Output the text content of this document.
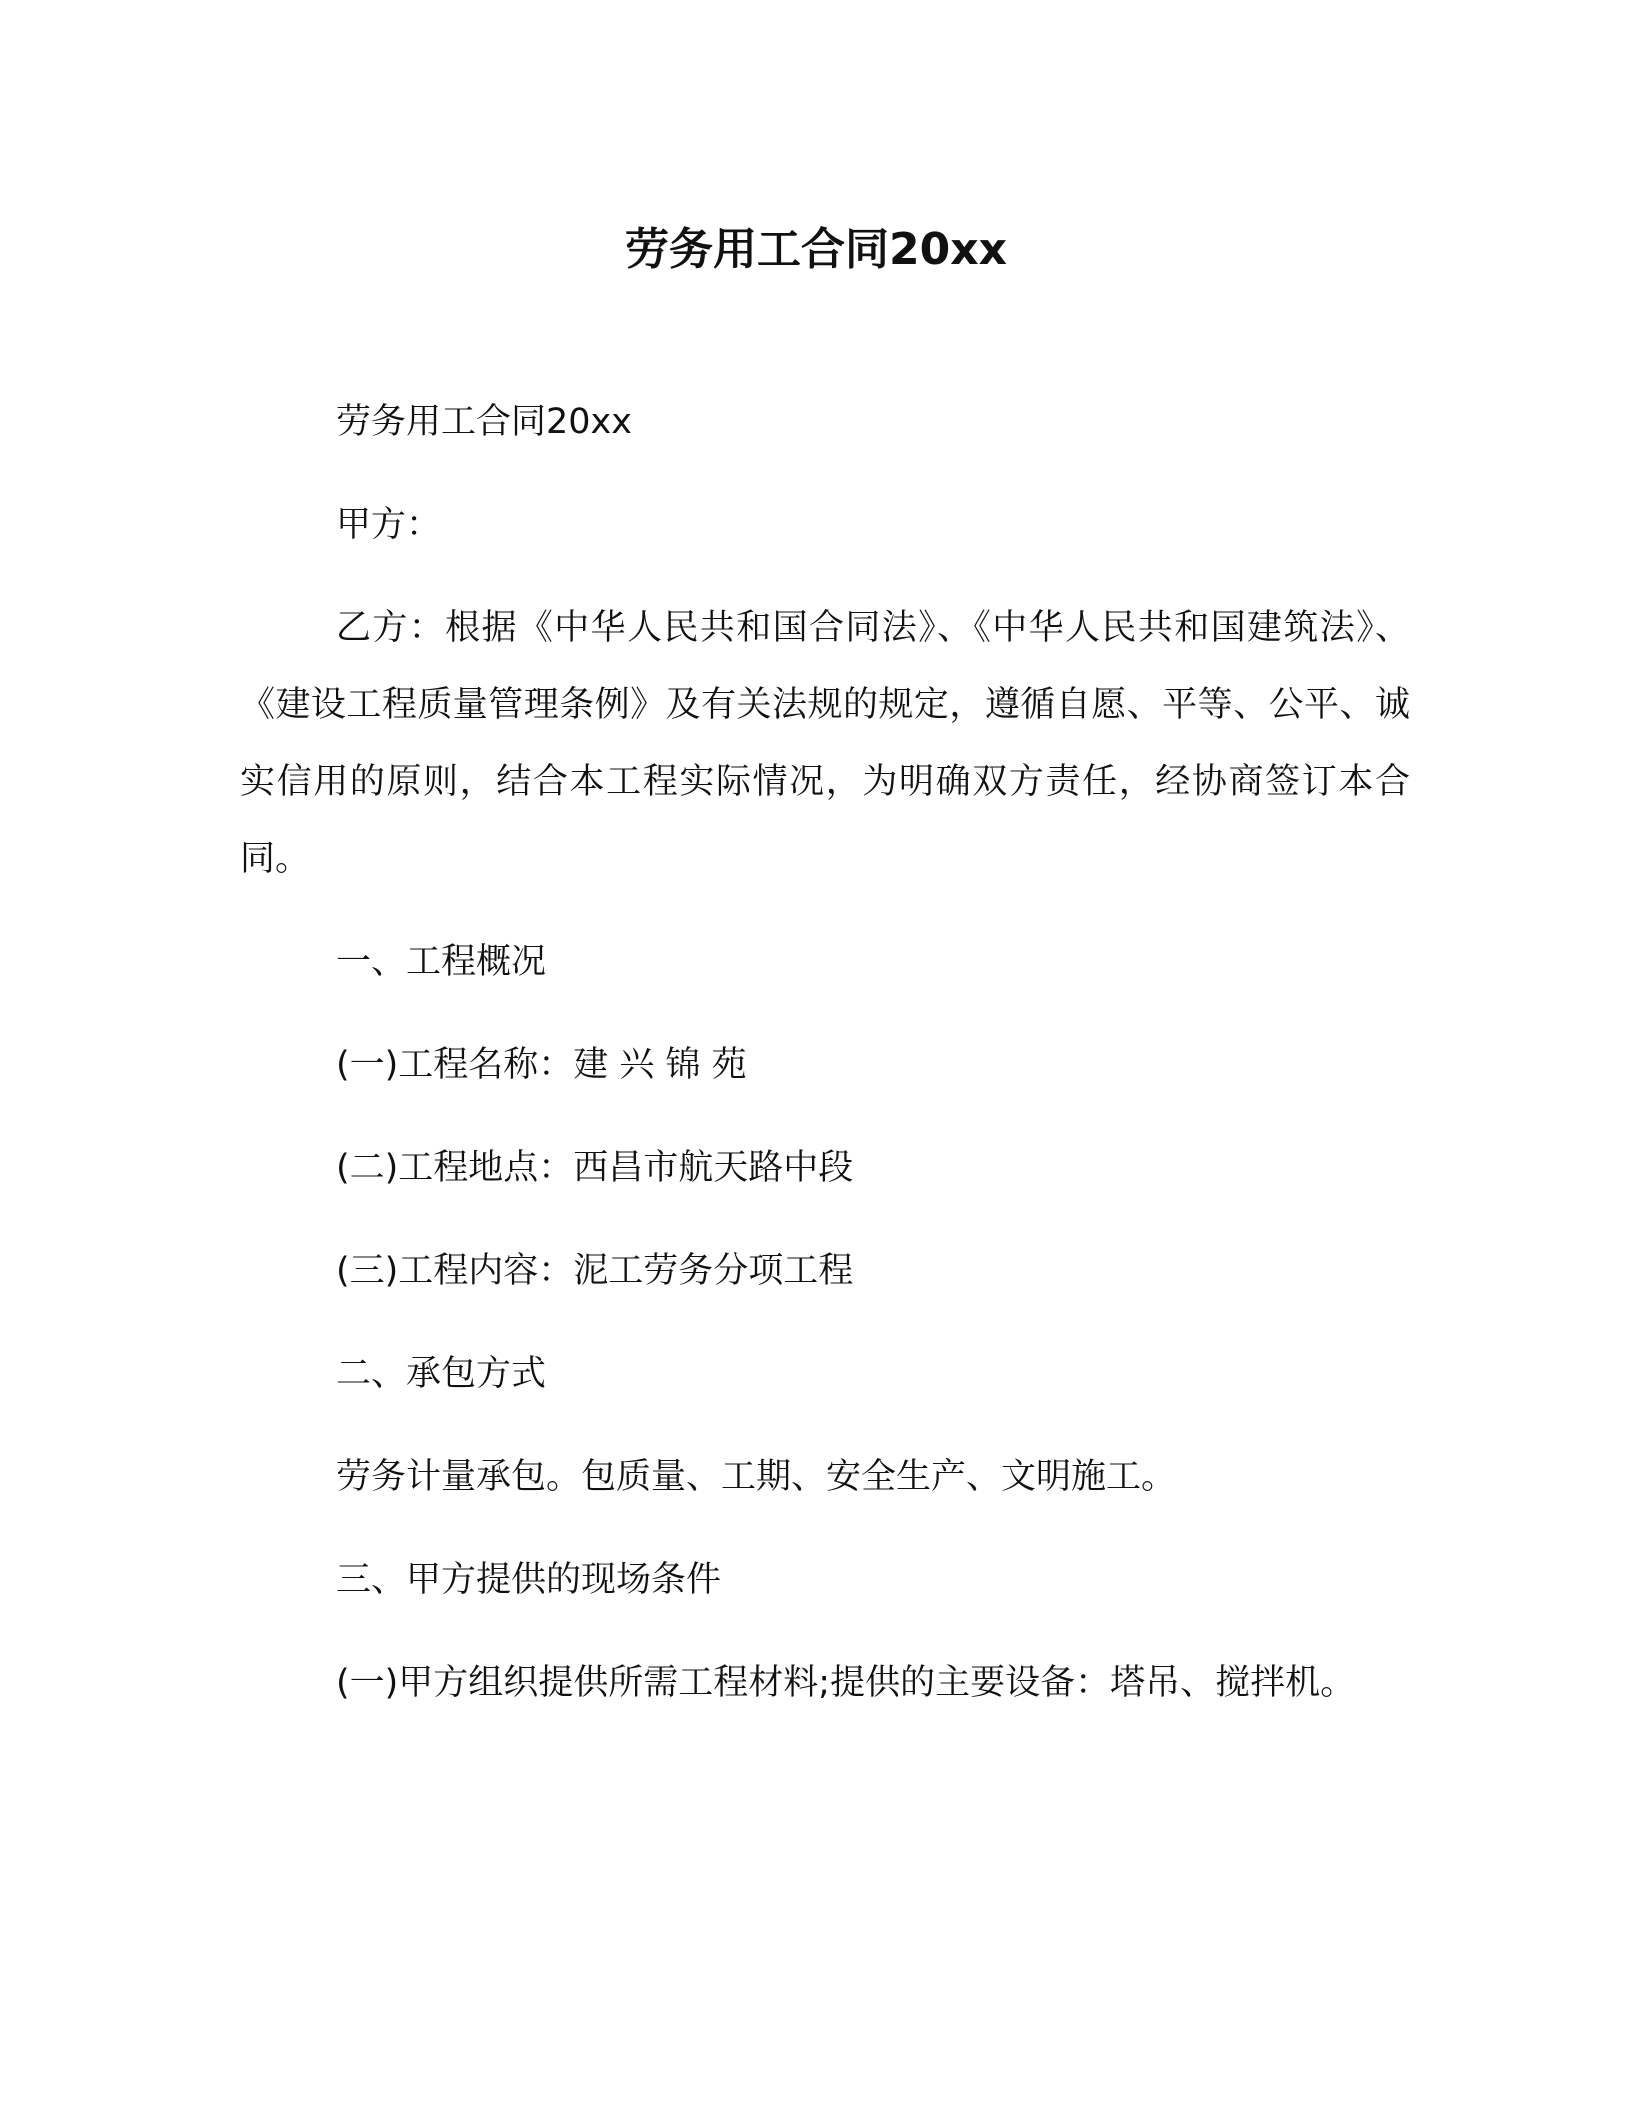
劳务用工合同20xx

劳务用工合同20xx

甲方：

乙方：根据《中华人民共和国合同法》、《中华人民共和国建筑法》、《建设工程质量管理条例》及有关法规的规定，遵循自愿、平等、公平、诚实信用的原则，结合本工程实际情况，为明确双方责任，经协商签订本合同。

一、工程概况

(一)工程名称：建 兴 锦 苑

(二)工程地点：西昌市航天路中段

(三)工程内容：泥工劳务分项工程

二、承包方式

劳务计量承包。包质量、工期、安全生产、文明施工。

三、甲方提供的现场条件

(一)甲方组织提供所需工程材料;提供的主要设备：塔吊、搅拌机。
